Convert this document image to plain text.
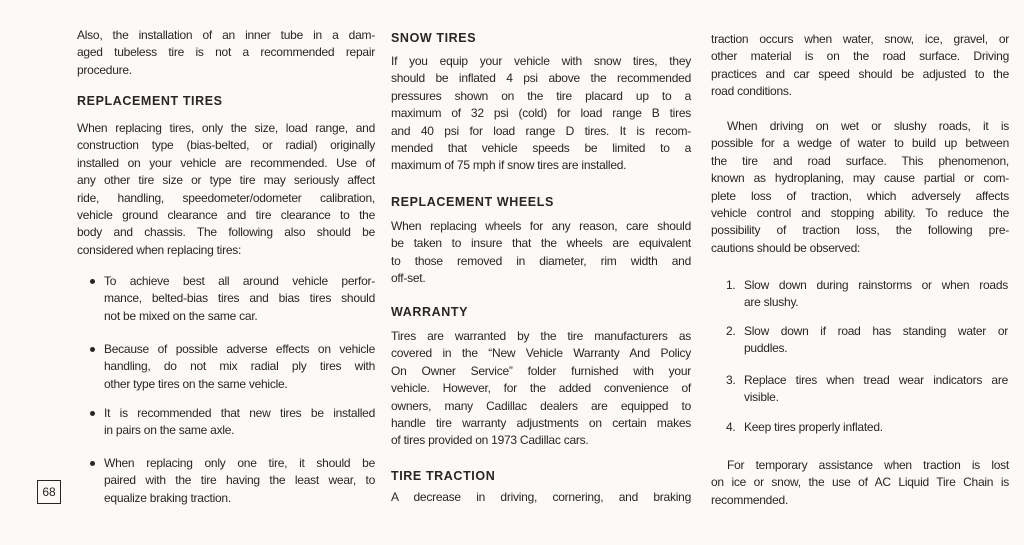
68
Also, the installation of an inner tube in a dam-
aged tubeless tire is not a recommended repair
procedure.
REPLACEMENT TIRES
When replacing tires, only the size, load range, and
construction type (bias-belted, or radial) originally
installed on your vehicle are recommended. Use of
any other tire size or type tire may seriously affect
ride, handling, speedometer/odometer calibration,
vehicle ground clearance and tire clearance to the
body and chassis. The following also should be
considered when replacing tires:
To achieve best all around vehicle perfor-
mance, belted-bias tires and bias tires should
not be mixed on the same car.
Because of possible adverse effects on vehicle
handling, do not mix radial ply tires with
other type tires on the same vehicle.
It is recommended that new tires be installed
in pairs on the same axle.
When replacing only one tire, it should be
paired with the tire having the least wear, to
equalize braking traction.
SNOW TIRES
If you equip your vehicle with snow tires, they
should be inflated 4 psi above the recommended
pressures shown on the tire placard up to a
maximum of 32 psi (cold) for load range B tires
and 40 psi for load range D tires. It is recom-
mended that vehicle speeds be limited to a
maximum of 75 mph if snow tires are installed.
REPLACEMENT WHEELS
When replacing wheels for any reason, care should
be taken to insure that the wheels are equivalent
to those removed in diameter, rim width and
off-set.
WARRANTY
Tires are warranted by the tire manufacturers as
covered in the “New Vehicle Warranty And Policy
On Owner Service” folder furnished with your
vehicle. However, for the added convenience of
owners, many Cadillac dealers are equipped to
handle tire warranty adjustments on certain makes
of tires provided on 1973 Cadillac cars.
TIRE TRACTION
A decrease in driving, cornering, and braking
traction occurs when water, snow, ice, gravel, or
other material is on the road surface. Driving
practices and car speed should be adjusted to the
road conditions.
When driving on wet or slushy roads, it is
possible for a wedge of water to build up between
the tire and road surface. This phenomenon,
known as hydroplaning, may cause partial or com-
plete loss of traction, which adversely affects
vehicle control and stopping ability. To reduce the
possibility of traction loss, the following pre-
cautions should be observed:
1. Slow down during rainstorms or when roads
are slushy.
2. Slow down if road has standing water or
puddles.
3. Replace tires when tread wear indicators are
visible.
4. Keep tires properly inflated.
For temporary assistance when traction is lost
on ice or snow, the use of AC Liquid Tire Chain is
recommended.
